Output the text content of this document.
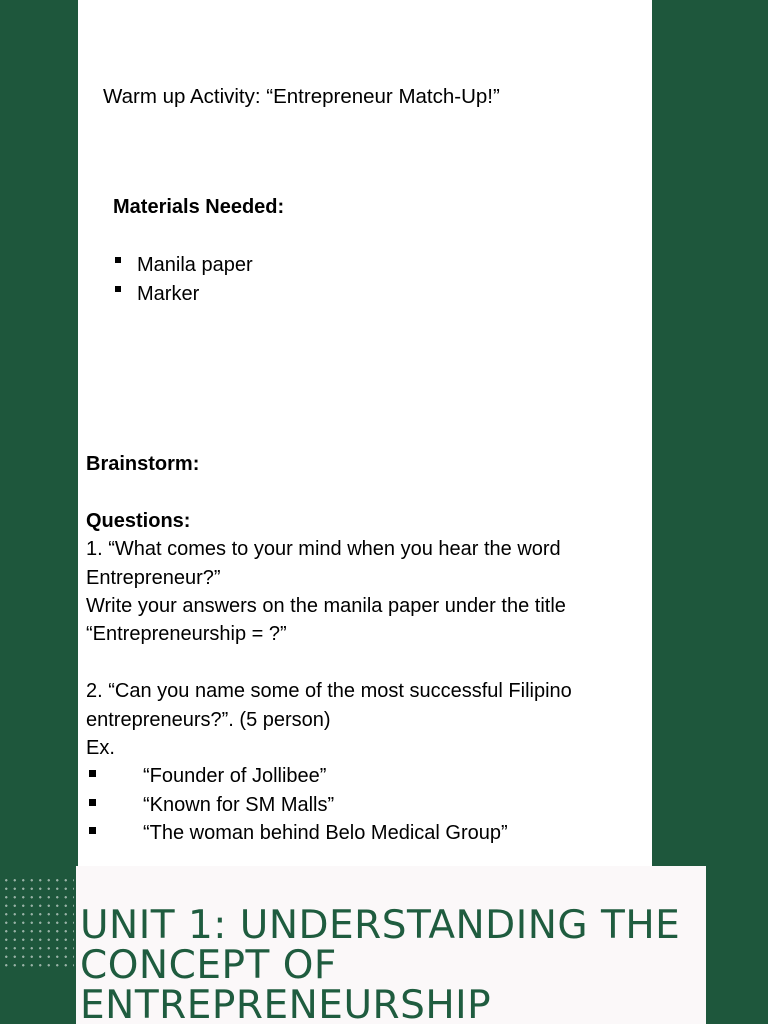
Warm up Activity: “Entrepreneur Match-Up!”
Materials Needed:
Manila paper
Marker

Brainstorm:

Questions:

1. “What comes to your mind when you hear the word Entrepreneur?”

Write your answers on the manila paper under the title “Entrepreneurship = ?”

2. “Can you name some of the most successful Filipino entrepreneurs?”. (5 person)

Ex.

“Founder of Jollibee”
“Known for SM Malls”
“The woman behind Belo Medical Group”
UNIT 1: UNDERSTANDING THE CONCEPT OF ENTREPRENEURSHIP
